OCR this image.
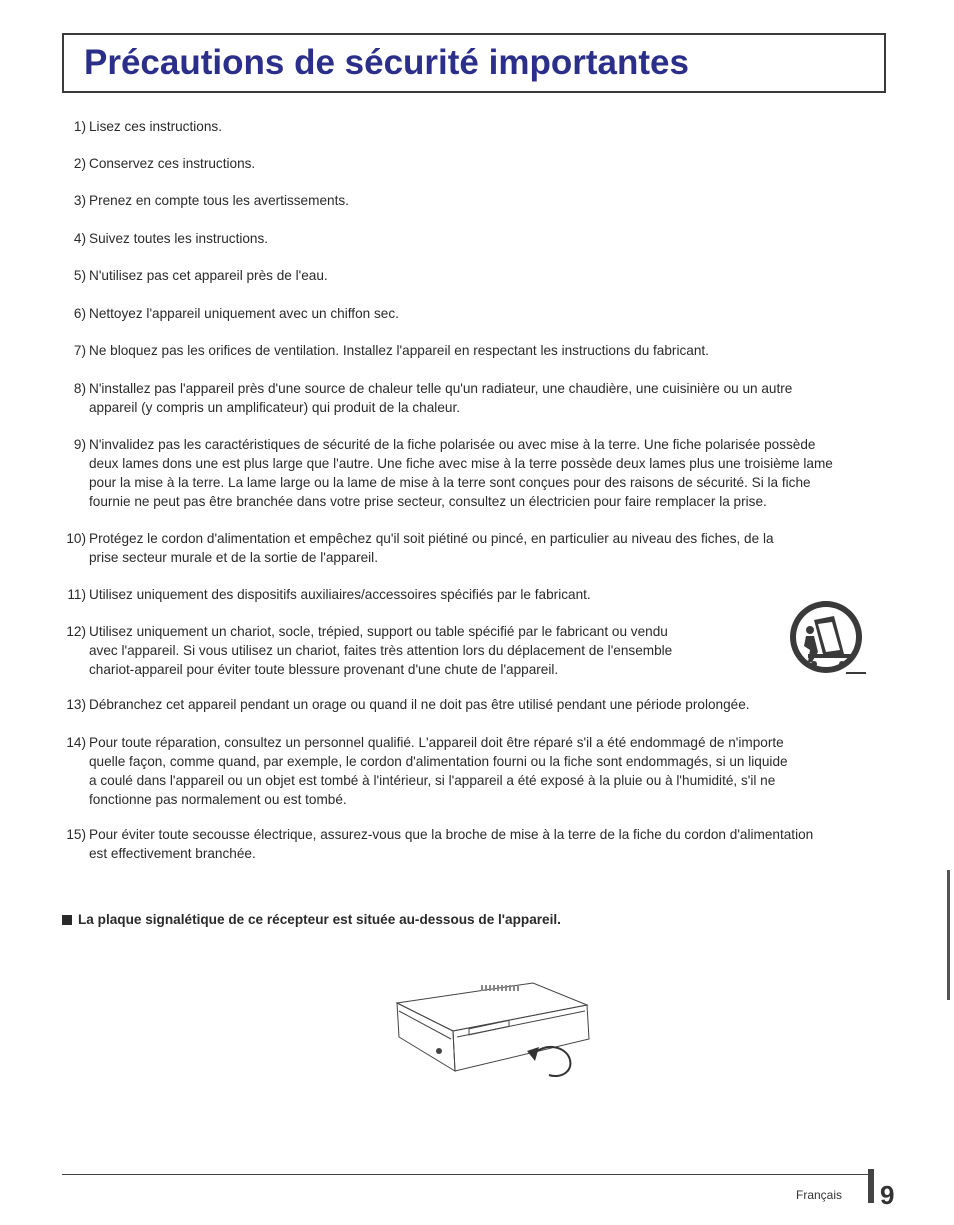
Précautions de sécurité importantes
1) Lisez ces instructions.
2) Conservez ces instructions.
3) Prenez en compte tous les avertissements.
4) Suivez toutes les instructions.
5) N'utilisez pas cet appareil près de l'eau.
6) Nettoyez l'appareil uniquement avec un chiffon sec.
7) Ne bloquez pas les orifices de ventilation. Installez l'appareil en respectant les instructions du fabricant.
8) N'installez pas l'appareil près d'une source de chaleur telle qu'un radiateur, une chaudière, une cuisinière ou un autre
appareil (y compris un amplificateur) qui produit de la chaleur.
9) N'invalidez pas les caractéristiques de sécurité de la fiche polarisée ou avec mise à la terre. Une fiche polarisée possède
deux lames dons une est plus large que l'autre. Une fiche avec mise à la terre possède deux lames plus une troisième lame
pour la mise à la terre. La lame large ou la lame de mise à la terre sont conçues pour des raisons de sécurité. Si la fiche
fournie ne peut pas être branchée dans votre prise secteur, consultez un électricien pour faire remplacer la prise.
10) Protégez le cordon d'alimentation et empêchez qu'il soit piétiné ou pincé, en particulier au niveau des fiches, de la
prise secteur murale et de la sortie de l'appareil.
11) Utilisez uniquement des dispositifs auxiliaires/accessoires spécifiés par le fabricant.
12) Utilisez uniquement un chariot, socle, trépied, support ou table spécifié par le fabricant ou vendu
avec l'appareil. Si vous utilisez un chariot, faites très attention lors du déplacement de l'ensemble
chariot-appareil pour éviter toute blessure provenant d'une chute de l'appareil.
13) Débranchez cet appareil pendant un orage ou quand il ne doit pas être utilisé pendant une période prolongée.
14) Pour toute réparation, consultez un personnel qualifié. L'appareil doit être réparé s'il a été endommagé de n'importe
quelle façon, comme quand, par exemple, le cordon d'alimentation fourni ou la fiche sont endommagés, si un liquide
a coulé dans l'appareil ou un objet est tombé à l'intérieur, si l'appareil a été exposé à la pluie ou à l'humidité, s'il ne
fonctionne pas normalement ou est tombé.
15) Pour éviter toute secousse électrique, assurez-vous que la broche de mise à la terre de la fiche du cordon d'alimentation
est effectivement branchée.
La plaque signalétique de ce récepteur est située au-dessous de l'appareil.
Français 9
